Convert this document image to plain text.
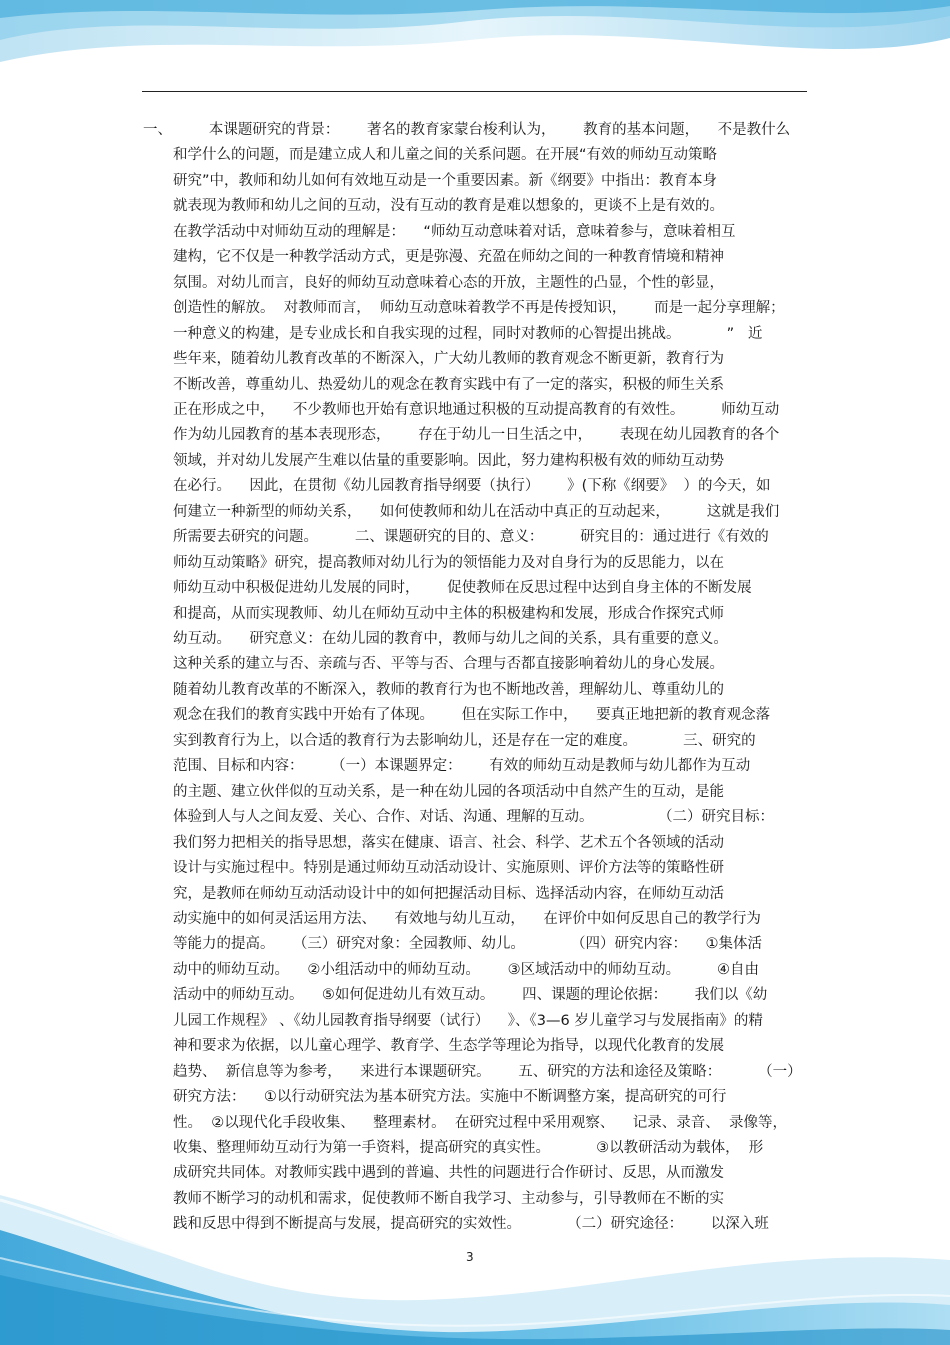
一、        本课题研究的背景：      著名的教育家蒙台梭利认为，      教育的基本问题，    不是教什么
和学什么的问题，而是建立成人和儿童之间的关系问题。在开展“有效的师幼互动策略
研究”中，教师和幼儿如何有效地互动是一个重要因素。新《纲要》中指出：教育本身
就表现为教师和幼儿之间的互动，没有互动的教育是难以想象的，更谈不上是有效的。
在教学活动中对师幼互动的理解是：    “师幼互动意味着对话，意味着参与，意味着相互
建构，它不仅是一种教学活动方式，更是弥漫、充盈在师幼之间的一种教育情境和精神
氛围。对幼儿而言，良好的师幼互动意味着心态的开放，主题性的凸显，个性的彰显，
创造性的解放。  对教师而言，  师幼互动意味着教学不再是传授知识，      而是一起分享理解；
一种意义的构建，是专业成长和自我实现的过程，同时对教师的心智提出挑战。          ”   近
些年来，随着幼儿教育改革的不断深入，广大幼儿教师的教育观念不断更新，教育行为
不断改善，尊重幼儿、热爱幼儿的观念在教育实践中有了一定的落实，积极的师生关系
正在形成之中，    不少教师也开始有意识地通过积极的互动提高教育的有效性。        师幼互动
作为幼儿园教育的基本表现形态，      存在于幼儿一日生活之中，      表现在幼儿园教育的各个
领域，并对幼儿发展产生难以估量的重要影响。因此，努力建构积极有效的师幼互动势
在必行。    因此，在贯彻《幼儿园教育指导纲要（执行）      》(下称《纲要》  ）的今天，如
何建立一种新型的师幼关系，    如何使教师和幼儿在活动中真正的互动起来，        这就是我们
所需要去研究的问题。        二、课题研究的目的、意义：        研究目的：通过进行《有效的
师幼互动策略》研究，提高教师对幼儿行为的领悟能力及对自身行为的反思能力，以在
师幼互动中积极促进幼儿发展的同时，      促使教师在反思过程中达到自身主体的不断发展
和提高，从而实现教师、幼儿在师幼互动中主体的积极建构和发展，形成合作探究式师
幼互动。    研究意义：在幼儿园的教育中，教师与幼儿之间的关系，具有重要的意义。
这种关系的建立与否、亲疏与否、平等与否、合理与否都直接影响着幼儿的身心发展。
随着幼儿教育改革的不断深入，教师的教育行为也不断地改善，理解幼儿、尊重幼儿的
观念在我们的教育实践中开始有了体现。      但在实际工作中，    要真正地把新的教育观念落
实到教育行为上，以合适的教育行为去影响幼儿，还是存在一定的难度。          三、研究的
范围、目标和内容：      （一）本课题界定：      有效的师幼互动是教师与幼儿都作为互动
的主题、建立伙伴似的互动关系，是一种在幼儿园的各项活动中自然产生的互动，是能
体验到人与人之间友爱、关心、合作、对话、沟通、理解的互动。              （二）研究目标：
我们努力把相关的指导思想，落实在健康、语言、社会、科学、艺术五个各领域的活动
设计与实施过程中。特别是通过师幼互动活动设计、实施原则、评价方法等的策略性研
究，是教师在师幼互动活动设计中的如何把握活动目标、选择活动内容，在师幼互动活
动实施中的如何灵活运用方法、    有效地与幼儿互动，    在评价中如何反思自己的教学行为
等能力的提高。    （三）研究对象：全园教师、幼儿。          （四）研究内容：    ①集体活
动中的师幼互动。    ②小组活动中的师幼互动。      ③区域活动中的师幼互动。        ④自由
活动中的师幼互动。    ⑤如何促进幼儿有效互动。      四、课题的理论依据：      我们以《幼
儿园工作规程》 、《幼儿园教育指导纲要（试行）    》、《3—6 岁儿童学习与发展指南》的精
神和要求为依据，以儿童心理学、教育学、生态学等理论为指导，以现代化教育的发展
趋势、  新信息等为参考，    来进行本课题研究。      五、研究的方法和途径及策略：        （一）
研究方法：    ①以行动研究法为基本研究方法。实施中不断调整方案，提高研究的可行
性。  ②以现代化手段收集、    整理素材。  在研究过程中采用观察、    记录、录音、  录像等，
收集、整理师幼互动行为第一手资料，提高研究的真实性。          ③以教研活动为载体，  形
成研究共同体。对教师实践中遇到的普遍、共性的问题进行合作研讨、反思，从而激发
教师不断学习的动机和需求，促使教师不断自我学习、主动参与，引导教师在不断的实
践和反思中得到不断提高与发展，提高研究的实效性。          （二）研究途径：      以深入班
3
